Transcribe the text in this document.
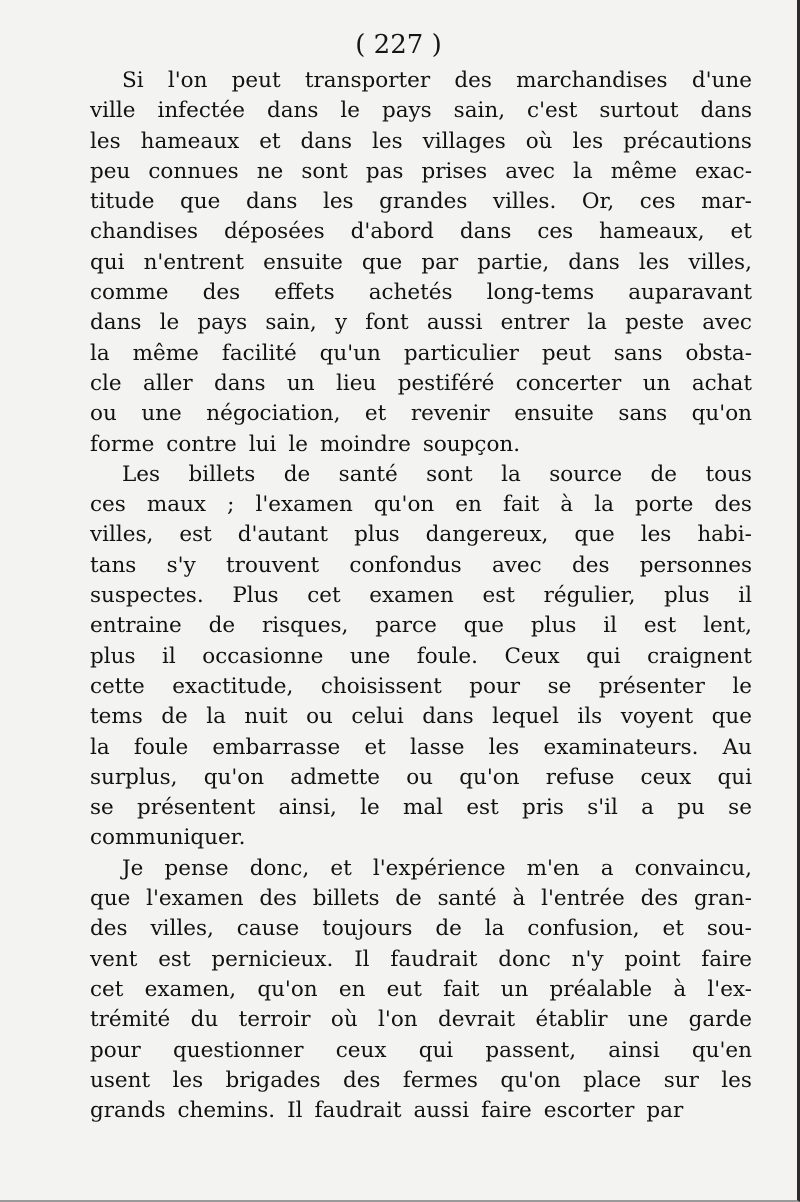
( 227 )
Si l'on peut transporter des marchandises d'une
ville infectée dans le pays sain, c'est surtout dans
les hameaux et dans les villages où les précautions
peu connues ne sont pas prises avec la même exac-
titude que dans les grandes villes. Or, ces mar-
chandises déposées d'abord dans ces hameaux, et
qui n'entrent ensuite que par partie, dans les villes,
comme des effets achetés long-tems auparavant
dans le pays sain, y font aussi entrer la peste avec
la même facilité qu'un particulier peut sans obsta-
cle aller dans un lieu pestiféré concerter un achat
ou une négociation, et revenir ensuite sans qu'on
forme contre lui le moindre soupçon.
Les billets de santé sont la source de tous
ces maux ; l'examen qu'on en fait à la porte des
villes, est d'autant plus dangereux, que les habi-
tans s'y trouvent confondus avec des personnes
suspectes. Plus cet examen est régulier, plus il
entraine de risques, parce que plus il est lent,
plus il occasionne une foule. Ceux qui craignent
cette exactitude, choisissent pour se présenter le
tems de la nuit ou celui dans lequel ils voyent que
la foule embarrasse et lasse les examinateurs. Au
surplus, qu'on admette ou qu'on refuse ceux qui
se présentent ainsi, le mal est pris s'il a pu se
communiquer.
Je pense donc, et l'expérience m'en a convaincu,
que l'examen des billets de santé à l'entrée des gran-
des villes, cause toujours de la confusion, et sou-
vent est pernicieux. Il faudrait donc n'y point faire
cet examen, qu'on en eut fait un préalable à l'ex-
trémité du terroir où l'on devrait établir une garde
pour questionner ceux qui passent, ainsi qu'en
usent les brigades des fermes qu'on place sur les
grands chemins. Il faudrait aussi faire escorter par
